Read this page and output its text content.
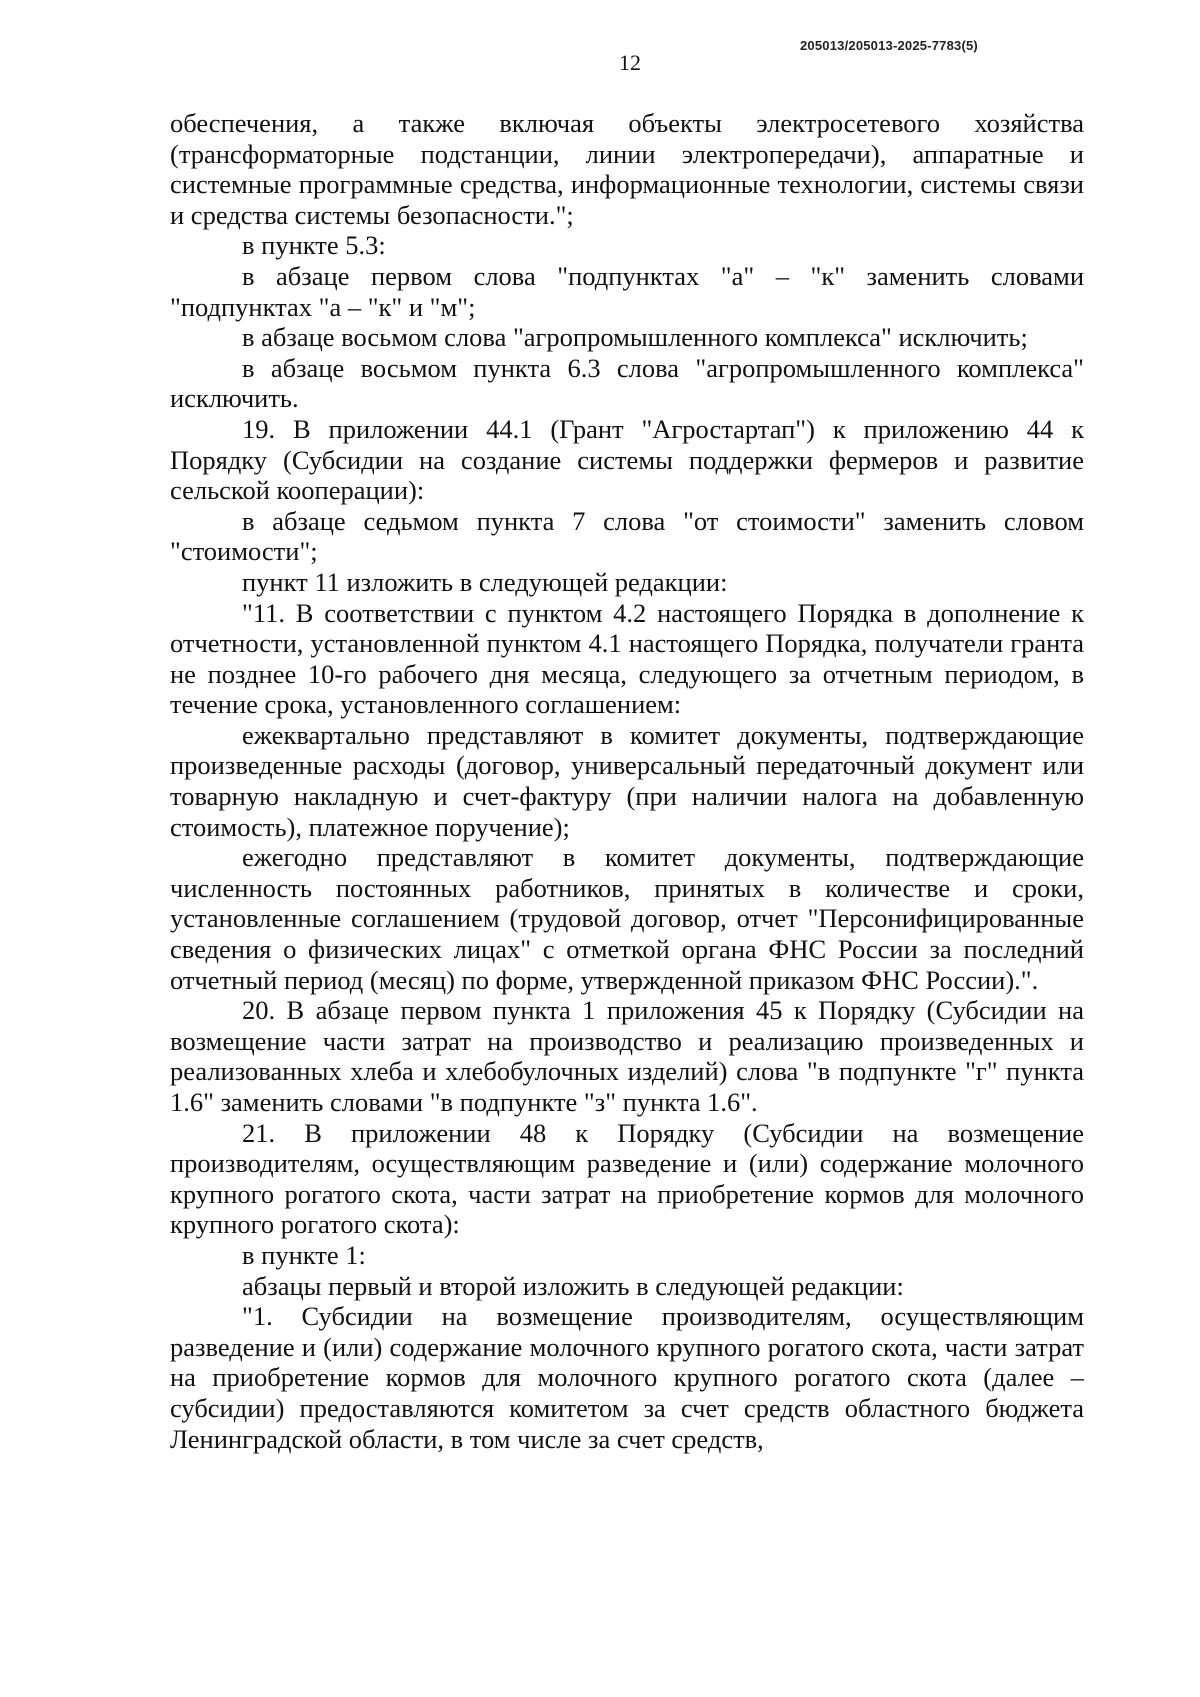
205013/205013-2025-7783(5)
12

обеспечения, а также включая объекты электросетевого хозяйства (трансформаторные подстанции, линии электропередачи), аппаратные и системные программные средства, информационные технологии, системы связи и средства системы безопасности.";

в пункте 5.3:

в абзаце первом слова "подпунктах "а" – "к" заменить словами "подпунктах "а – "к" и "м";

в абзаце восьмом слова "агропромышленного комплекса" исключить;

в абзаце восьмом пункта 6.3 слова "агропромышленного комплекса" исключить.

19. В приложении 44.1 (Грант "Агростартап") к приложению 44 к Порядку (Субсидии на создание системы поддержки фермеров и развитие сельской кооперации):

в абзаце седьмом пункта 7 слова "от стоимости" заменить словом "стоимости";

пункт 11 изложить в следующей редакции:

"11. В соответствии с пунктом 4.2 настоящего Порядка в дополнение к отчетности, установленной пунктом 4.1 настоящего Порядка, получатели гранта не позднее 10-го рабочего дня месяца, следующего за отчетным периодом, в течение срока, установленного соглашением:

ежеквартально представляют в комитет документы, подтверждающие произведенные расходы (договор, универсальный передаточный документ или товарную накладную и счет-фактуру (при наличии налога на добавленную стоимость), платежное поручение);

ежегодно представляют в комитет документы, подтверждающие численность постоянных работников, принятых в количестве и сроки, установленные соглашением (трудовой договор, отчет "Персонифицированные сведения о физических лицах" с отметкой органа ФНС России за последний отчетный период (месяц) по форме, утвержденной приказом ФНС России).".

20. В абзаце первом пункта 1 приложения 45 к Порядку (Субсидии на возмещение части затрат на производство и реализацию произведенных и реализованных хлеба и хлебобулочных изделий) слова "в подпункте "г" пункта 1.6" заменить словами "в подпункте "з" пункта 1.6".

21. В приложении 48 к Порядку (Субсидии на возмещение производителям, осуществляющим разведение и (или) содержание молочного крупного рогатого скота, части затрат на приобретение кормов для молочного крупного рогатого скота):

в пункте 1:

абзацы первый и второй изложить в следующей редакции:

"1. Субсидии на возмещение производителям, осуществляющим разведение и (или) содержание молочного крупного рогатого скота, части затрат на приобретение кормов для молочного крупного рогатого скота (далее – субсидии) предоставляются комитетом за счет средств областного бюджета Ленинградской области, в том числе за счет средств,
